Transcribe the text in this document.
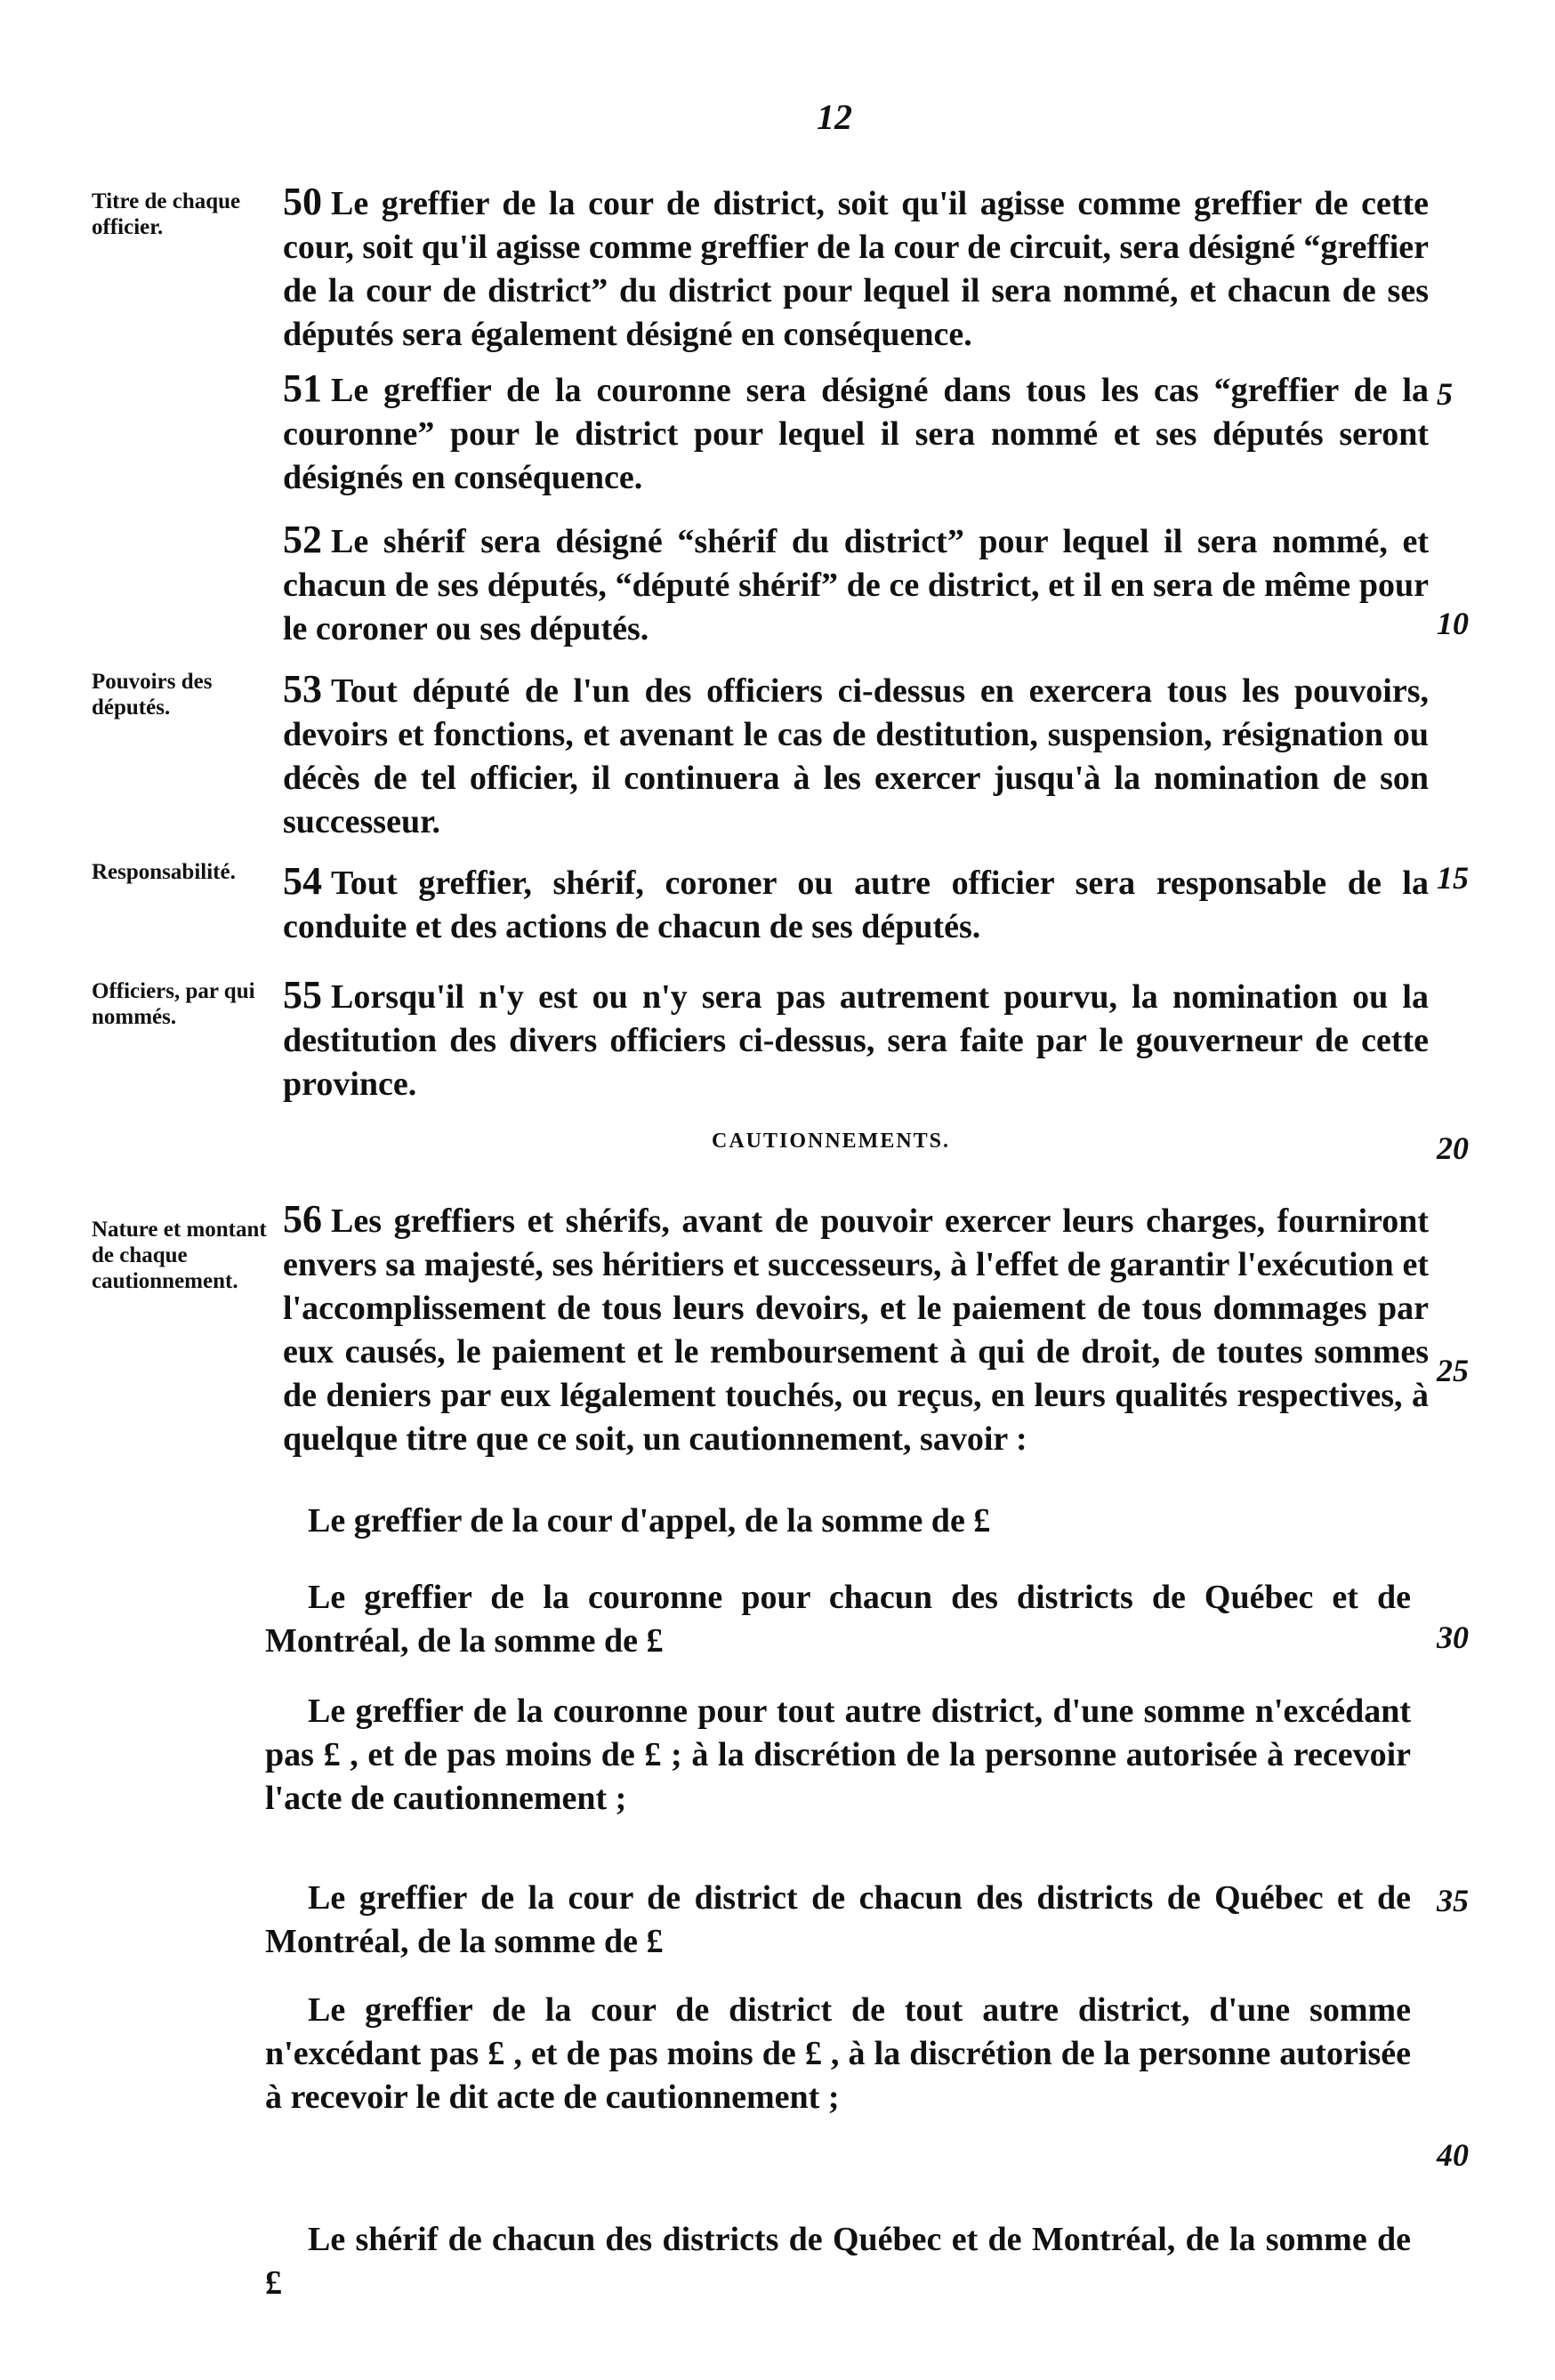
12
Titre de chaque officier.
Pouvoirs des députés.
Responsabilité.
Officiers, par qui nommés.
Nature et montant de chaque cautionnement.
50 Le greffier de la cour de district, soit qu'il agisse comme greffier de cette cour, soit qu'il agisse comme greffier de la cour de circuit, sera désigné “greffier de la cour de district” du district pour lequel il sera nommé, et chacun de ses députés sera également désigné en conséquence.
51 Le greffier de la couronne sera désigné dans tous les cas “greffier de la couronne” pour le district pour lequel il sera nommé et ses députés seront désignés en conséquence.
52 Le shérif sera désigné “shérif du district” pour lequel il sera nommé, et chacun de ses députés, “député shérif” de ce district, et il en sera de même pour le coroner ou ses députés.
53 Tout député de l'un des officiers ci-dessus en exercera tous les pouvoirs, devoirs et fonctions, et avenant le cas de destitution, suspension, résignation ou décès de tel officier, il continuera à les exercer jusqu'à la nomination de son successeur.
54 Tout greffier, shérif, coroner ou autre officier sera responsable de la conduite et des actions de chacun de ses députés.
55 Lorsqu'il n'y est ou n'y sera pas autrement pourvu, la nomination ou la destitution des divers officiers ci-dessus, sera faite par le gouverneur de cette province.
CAUTIONNEMENTS.
56 Les greffiers et shérifs, avant de pouvoir exercer leurs charges, fourniront envers sa majesté, ses héritiers et successeurs, à l'effet de garantir l'exécution et l'accomplissement de tous leurs devoirs, et le paiement de tous dommages par eux causés, le paiement et le remboursement à qui de droit, de toutes sommes de deniers par eux légalement touchés, ou reçus, en leurs qualités respectives, à quelque titre que ce soit, un cautionnement, savoir :
Le greffier de la cour d'appel, de la somme de £
Le greffier de la couronne pour chacun des districts de Québec et de Montréal, de la somme de £
Le greffier de la couronne pour tout autre district, d'une somme n'excédant pas £ , et de pas moins de £ ; à la discrétion de la personne autorisée à recevoir l'acte de cautionnement ;
Le greffier de la cour de district de chacun des districts de Québec et de Montréal, de la somme de £
Le greffier de la cour de district de tout autre district, d'une somme n'excédant pas £ , et de pas moins de £ , à la discrétion de la personne autorisée à recevoir le dit acte de cautionnement ;
Le shérif de chacun des districts de Québec et de Montréal, de la somme de £
5
10
15
20
25
30
35
40
